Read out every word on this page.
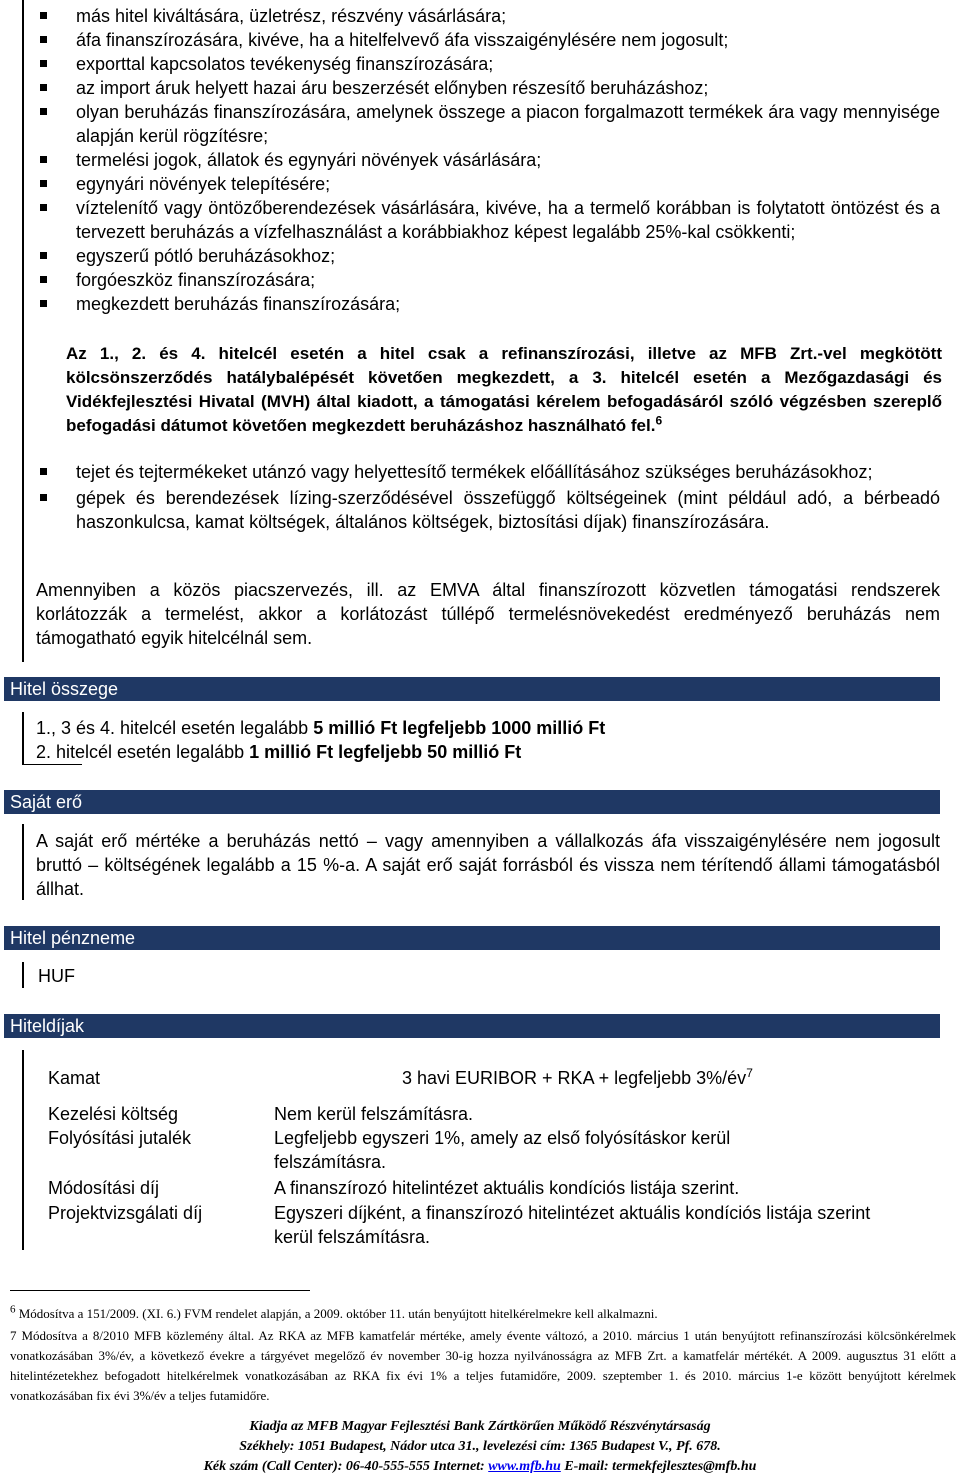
más hitel kiváltására, üzletrész, részvény vásárlására;
áfa finanszírozására, kivéve, ha a hitelfelvevő áfa visszaigénylésére nem jogosult;
exporttal kapcsolatos tevékenység finanszírozására;
az import áruk helyett hazai áru beszerzését előnyben részesítő beruházáshoz;
olyan beruházás finanszírozására, amelynek összege a piacon forgalmazott termékek ára vagy mennyisége alapján kerül rögzítésre;
termelési jogok, állatok és egynyári növények vásárlására;
egynyári növények telepítésére;
víztelenítő vagy öntözőberendezések vásárlására, kivéve, ha a termelő korábban is folytatott öntözést és a tervezett beruházás a vízfelhasználást a korábbiakhoz képest legalább 25%-kal csökkenti;
egyszerű pótló beruházásokhoz;
forgóeszköz finanszírozására;
megkezdett beruházás finanszírozására;
Az 1., 2. és 4. hitelcél esetén a hitel csak a refinanszírozási, illetve az MFB Zrt.-vel megkötött kölcsönszerződés hatálybalépését követően megkezdett, a 3. hitelcél esetén a Mezőgazdasági és Vidékfejlesztési Hivatal (MVH) által kiadott, a támogatási kérelem befogadásáról szóló végzésben szereplő befogadási dátumot követően megkezdett beruházáshoz használható fel.$^6$
tejet és tejtermékeket utánzó vagy helyettesítő termékek előállításához szükséges beruházásokhoz;
gépek és berendezések lízing-szerződésével összefüggő költségeinek (mint például adó, a bérbeadó haszonkulcsa, kamat költségek, általános költségek, biztosítási díjak) finanszírozására.
Amennyiben a közös piacszervezés, ill. az EMVA által finanszírozott közvetlen támogatási rendszerek korlátozzák a termelést, akkor a korlátozást túllépő termelésnövekedést eredményező beruházás nem támogatható egyik hitelcélnál sem.
Hitel összege
1., 3 és 4. hitelcél esetén legalább 5 millió Ft legfeljebb 1000 millió Ft
2. hitelcél esetén legalább 1 millió Ft legfeljebb 50 millió Ft
Saját erő
A saját erő mértéke a beruházás nettó – vagy amennyiben a vállalkozás áfa visszaigénylésére nem jogosult bruttó – költségének legalább a 15 %-a. A saját erő saját forrásból és vissza nem térítendő állami támogatásból állhat.
Hitel pénzneme
HUF
Hiteldíjak
Kamat	3 havi EURIBOR + RKA + legfeljebb $3\%/év^7$
Kezelési költség	Nem kerül felszámításra.
Folyósítási jutalék	Legfeljebb egyszeri 1%, amely az első folyósításkor kerül felszámításra.
Módosítási díj	A finanszírozó hitelintézet aktuális kondíciós listája szerint.
Projektvizsgálati díj	Egyszeri díjként, a finanszírozó hitelintézet aktuális kondíciós listája szerint kerül felszámításra.
$^6$ Módosítva a 151/2009. (XI. 6.) FVM rendelet alapján, a 2009. október 11. után benyújtott hitelkérelmekre kell alkalmazni.
7 Módosítva a 8/2010 MFB közlemény által. Az RKA az MFB kamatfelár mértéke, amely évente változó, a 2010. március 1 után benyújtott refinanszírozási kölcsönkérelmek vonatkozásában 3%/év, a következő évekre a tárgyévet megelőző év november 30-ig hozza nyilvánosságra az MFB Zrt. a kamatfelár mértékét. A 2009. augusztus 31 előtt a hitelintézetekhez befogadott hitelkérelmek vonatkozásában az RKA fix évi 1% a teljes futamidőre, 2009. szeptember 1. és 2010. március 1-e között benyújtott kérelmek vonatkozásában fix évi 3%/év a teljes futamidőre.
Kiadja az MFB Magyar Fejlesztési Bank Zártkörűen Működő Részvénytársaság
Székhely: 1051 Budapest, Nádor utca 31., levelezési cím: 1365 Budapest V., Pf. 678.
Kék szám (Call Center): 06-40-555-555 Internet: www.mfb.hu E-mail: termekfejlesztes@mfb.hu
